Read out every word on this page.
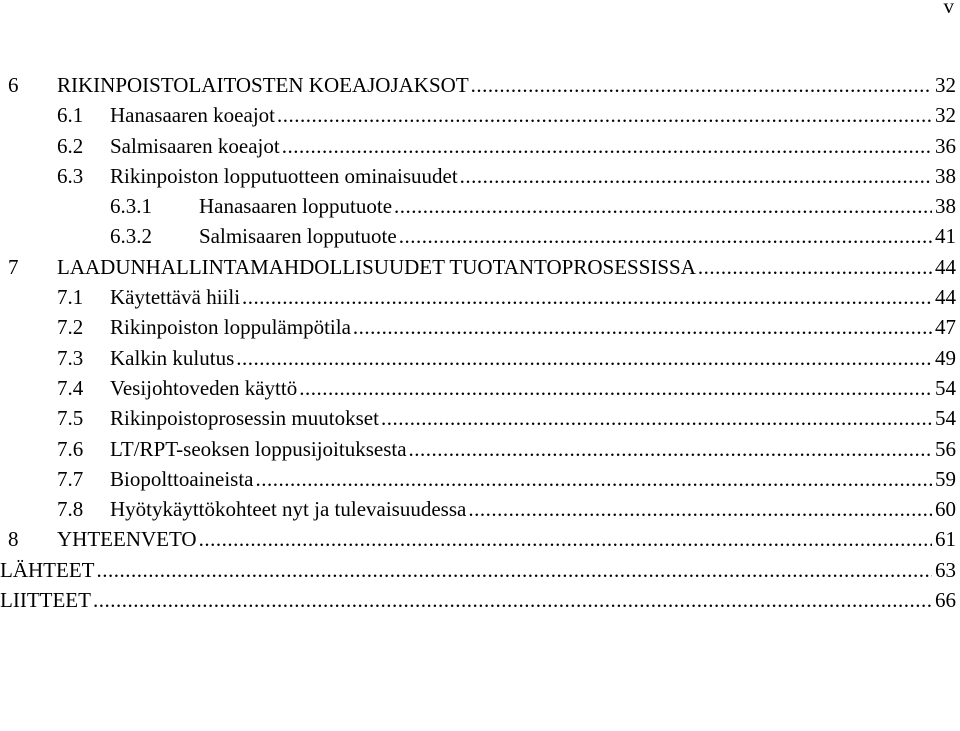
v
6 RIKINPOISTOLAITOSTEN KOEAJOJAKSOT .....	32
6.1 Hanasaaren koeajot .....	32
6.2 Salmisaaren koeajot .....	36
6.3 Rikinpoiston lopputuotteen ominaisuudet .....	38
6.3.1 Hanasaaren lopputuote .....	38
6.3.2 Salmisaaren lopputuote .....	41
7 LAADUNHALLINTAMAHDOLLISUUDET TUOTANTOPROSESSISSA .....	44
7.1 Käytettävä hiili .....	44
7.2 Rikinpoiston loppulämpötila .....	47
7.3 Kalkin kulutus .....	49
7.4 Vesijohtoveden käyttö .....	54
7.5 Rikinpoistoprosessin muutokset .....	54
7.6 LT/RPT-seoksen loppusijoituksesta .....	56
7.7 Biopolttoaineista .....	59
7.8 Hyötykäyttökohteet nyt ja tulevaisuudessa .....	60
8 YHTEENVETO .....	61
LÄHTEET .....	63
LIITTEET .....	66
